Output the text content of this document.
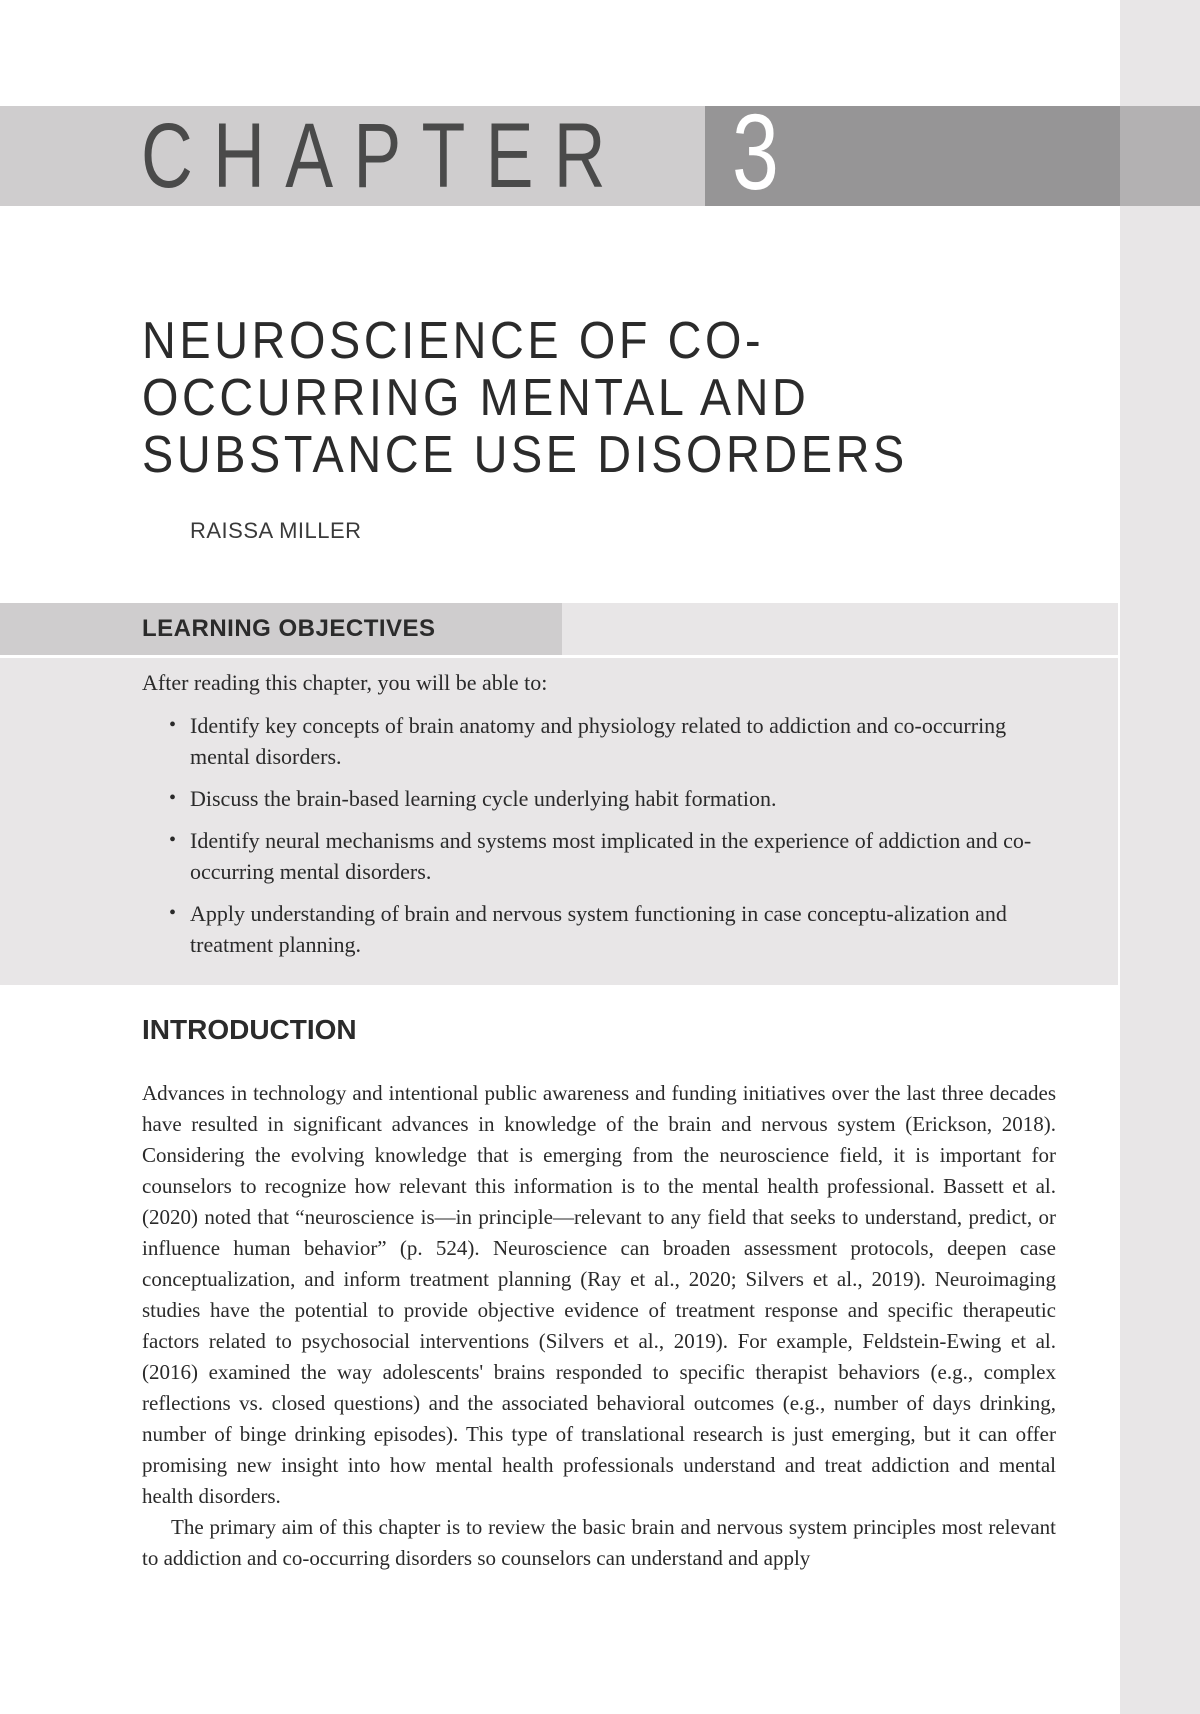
CHAPTER 3
NEUROSCIENCE OF CO-OCCURRING MENTAL AND SUBSTANCE USE DISORDERS
RAISSA MILLER
LEARNING OBJECTIVES
After reading this chapter, you will be able to:
• Identify key concepts of brain anatomy and physiology related to addiction and co-occurring mental disorders.
• Discuss the brain-based learning cycle underlying habit formation.
• Identify neural mechanisms and systems most implicated in the experience of addiction and co-occurring mental disorders.
• Apply understanding of brain and nervous system functioning in case conceptu-alization and treatment planning.
INTRODUCTION

Advances in technology and intentional public awareness and funding initiatives over the last three decades have resulted in significant advances in knowledge of the brain and nervous system (Erickson, 2018). Considering the evolving knowledge that is emerging from the neuroscience field, it is important for counselors to recognize how relevant this information is to the mental health professional. Bassett et al. (2020) noted that “neuroscience is—in principle—relevant to any field that seeks to understand, predict, or influence human behavior” (p. 524). Neuroscience can broaden assessment protocols, deepen case conceptualization, and inform treatment planning (Ray et al., 2020; Silvers et al., 2019). Neuroimaging studies have the potential to provide objective evidence of treatment response and specific therapeutic factors related to psychosocial interventions (Silvers et al., 2019). For example, Feldstein-Ewing et al. (2016) examined the way adolescents' brains responded to specific therapist behaviors (e.g., complex reflections vs. closed questions) and the associated behavioral outcomes (e.g., number of days drinking, number of binge drinking episodes). This type of translational research is just emerging, but it can offer promising new insight into how mental health professionals understand and treat addiction and mental health disorders.

The primary aim of this chapter is to review the basic brain and nervous system principles most relevant to addiction and co-occurring disorders so counselors can understand and apply
